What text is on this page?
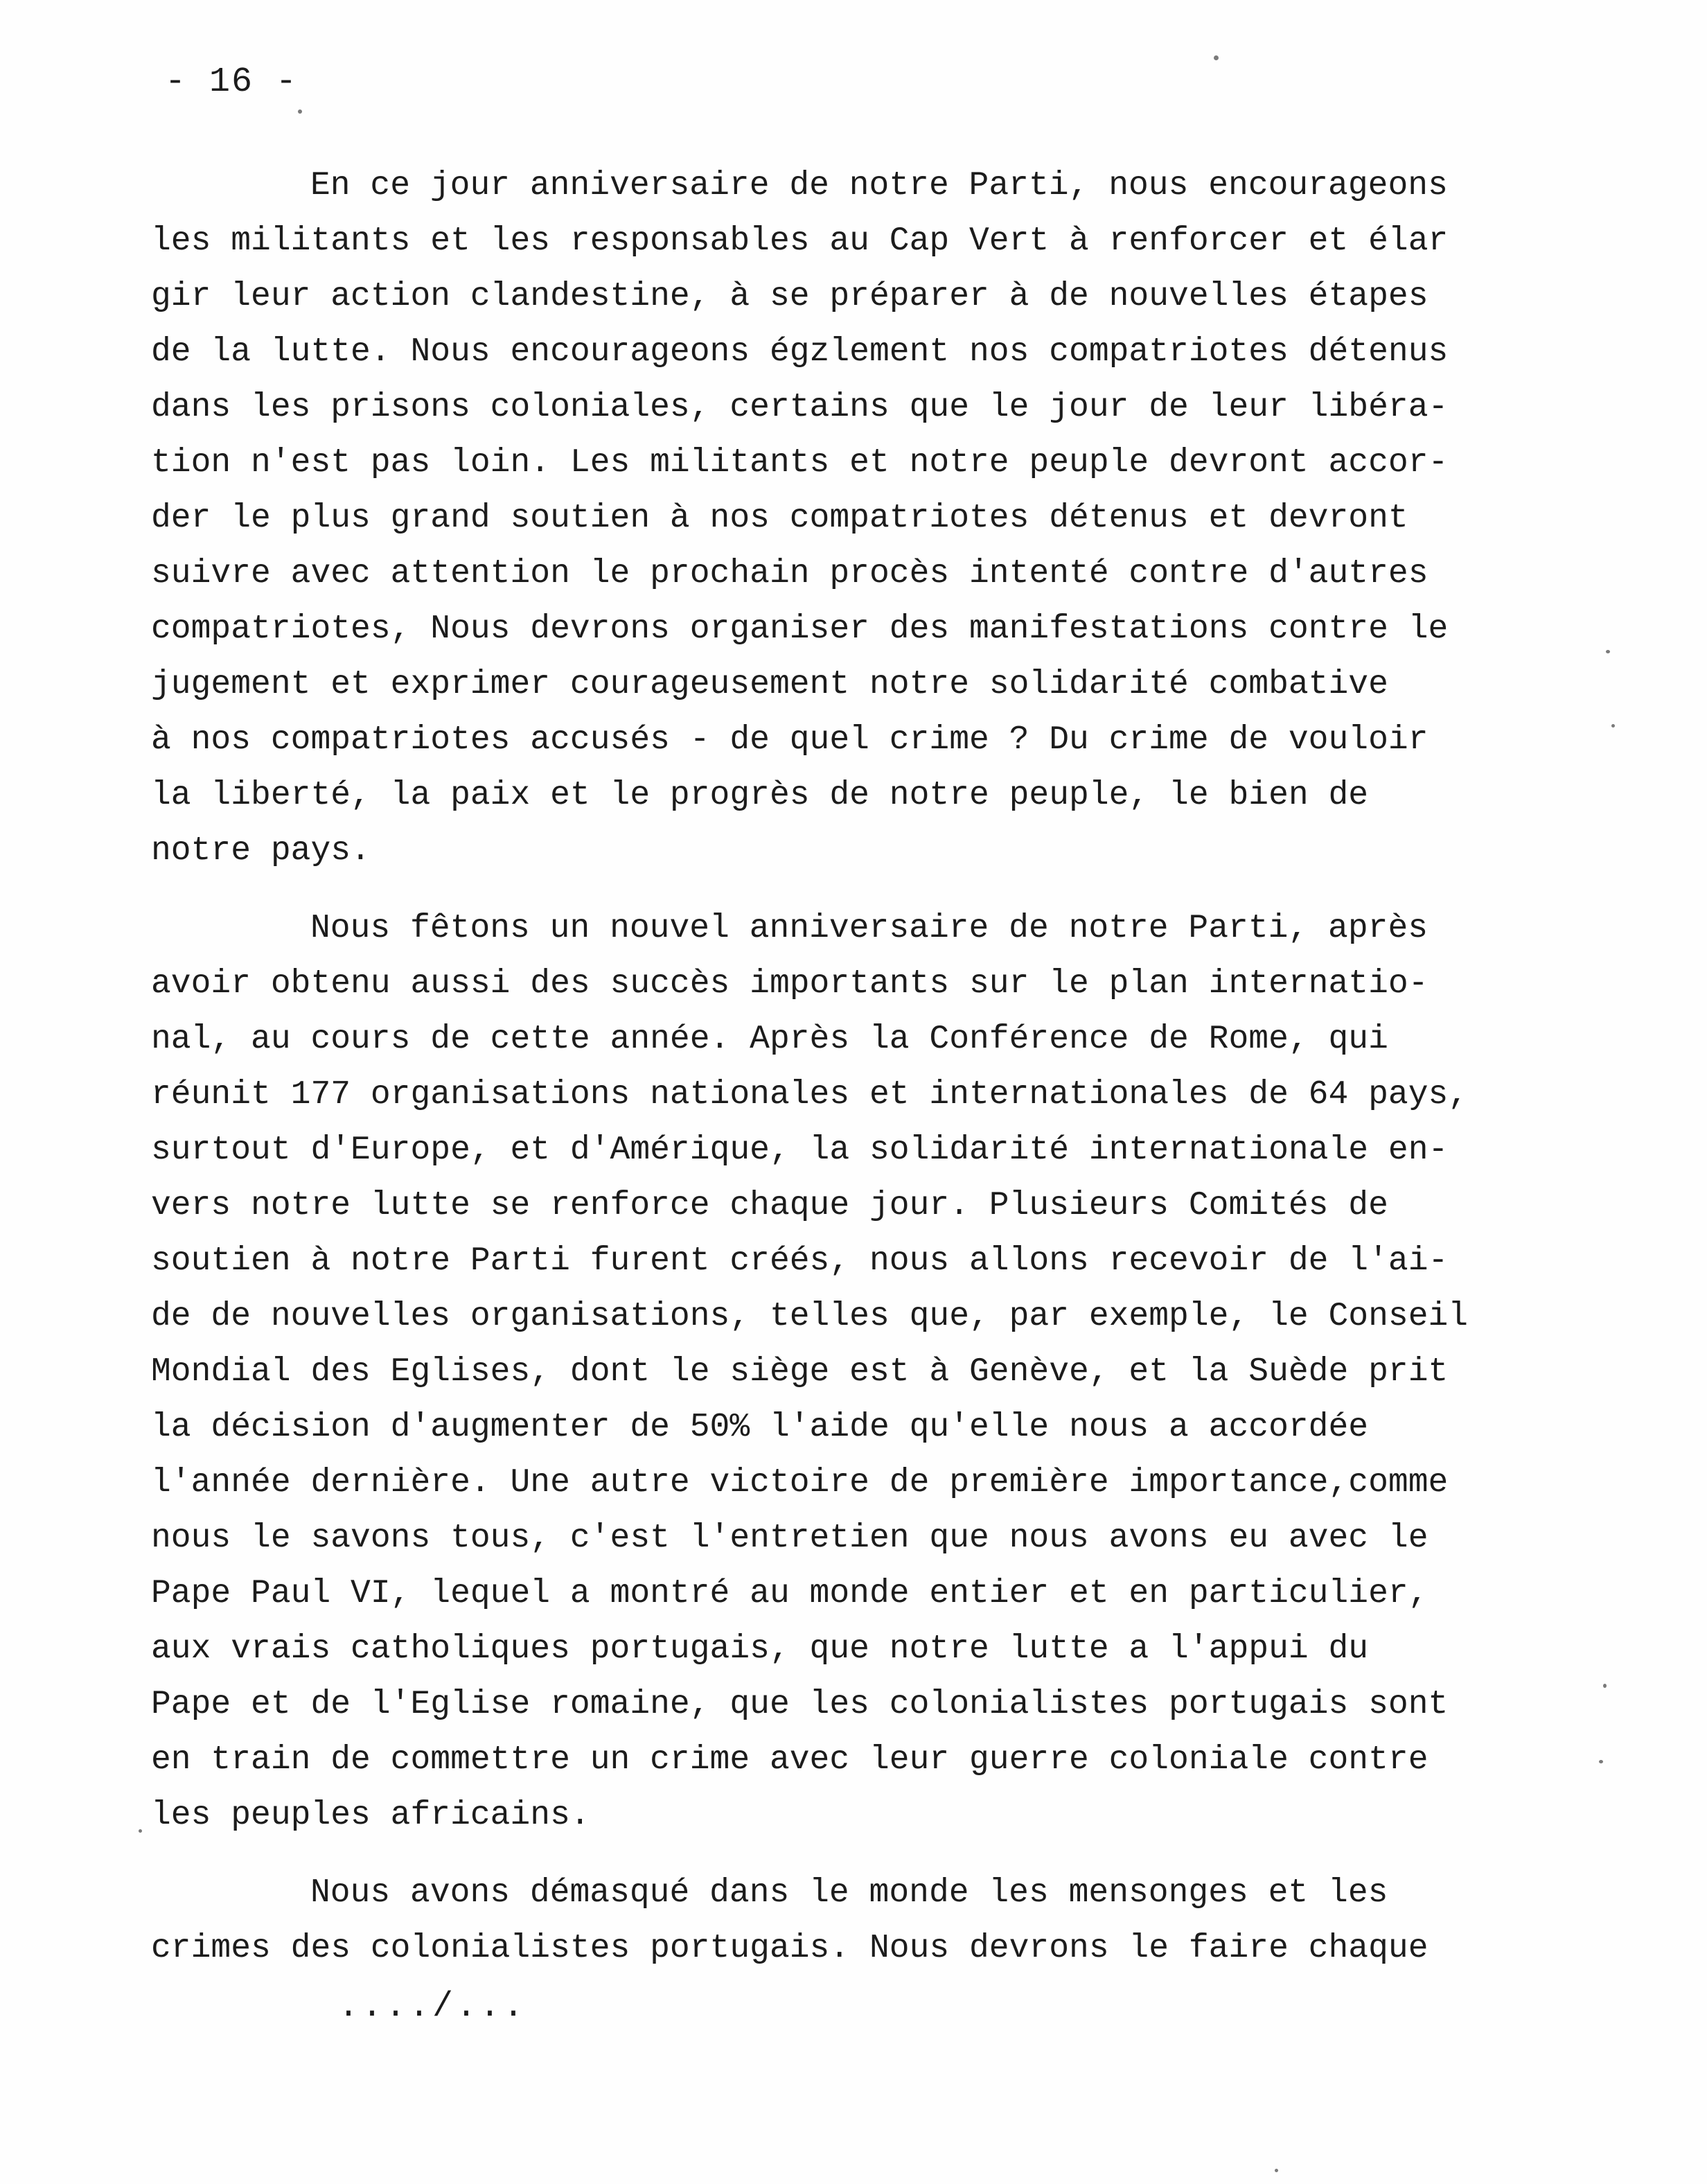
- 16 -
En ce jour anniversaire de notre Parti, nous encourageons
les militants et les responsables au Cap Vert à renforcer et élar
gir leur action clandestine, à se préparer à de nouvelles étapes
de la lutte. Nous encourageons égzlement nos compatriotes détenus
dans les prisons coloniales, certains que le jour de leur libéra-
tion n'est pas loin. Les militants et notre peuple devront accor-
der le plus grand soutien à nos compatriotes détenus et devront
suivre avec attention le prochain procès intenté contre d'autres
compatriotes, Nous devrons organiser des manifestations contre le
jugement et exprimer courageusement notre solidarité combative
à nos compatriotes accusés - de quel crime ? Du crime de vouloir
la liberté, la paix et le progrès de notre peuple, le bien de
notre pays.
Nous fêtons un nouvel anniversaire de notre Parti, après
avoir obtenu aussi des succès importants sur le plan internatio-
nal, au cours de cette année. Après la Conférence de Rome, qui
réunit 177 organisations nationales et internationales de 64 pays,
surtout d'Europe, et d'Amérique, la solidarité internationale en-
vers notre lutte se renforce chaque jour. Plusieurs Comités de
soutien à notre Parti furent créés, nous allons recevoir de l'ai-
de de nouvelles organisations, telles que, par exemple, le Conseil
Mondial des Eglises, dont le siège est à Genève, et la Suède prit
la décision d'augmenter de 50% l'aide qu'elle nous a accordée
l'année dernière. Une autre victoire de première importance,comme
nous le savons tous, c'est l'entretien que nous avons eu avec le
Pape Paul VI, lequel a montré au monde entier et en particulier,
aux vrais catholiques portugais, que notre lutte a l'appui du
Pape et de l'Eglise romaine, que les colonialistes portugais sont
en train de commettre un crime avec leur guerre coloniale contre
les peuples africains.
Nous avons démasqué dans le monde les mensonges et les
crimes des colonialistes portugais. Nous devrons le faire chaque
..../...
